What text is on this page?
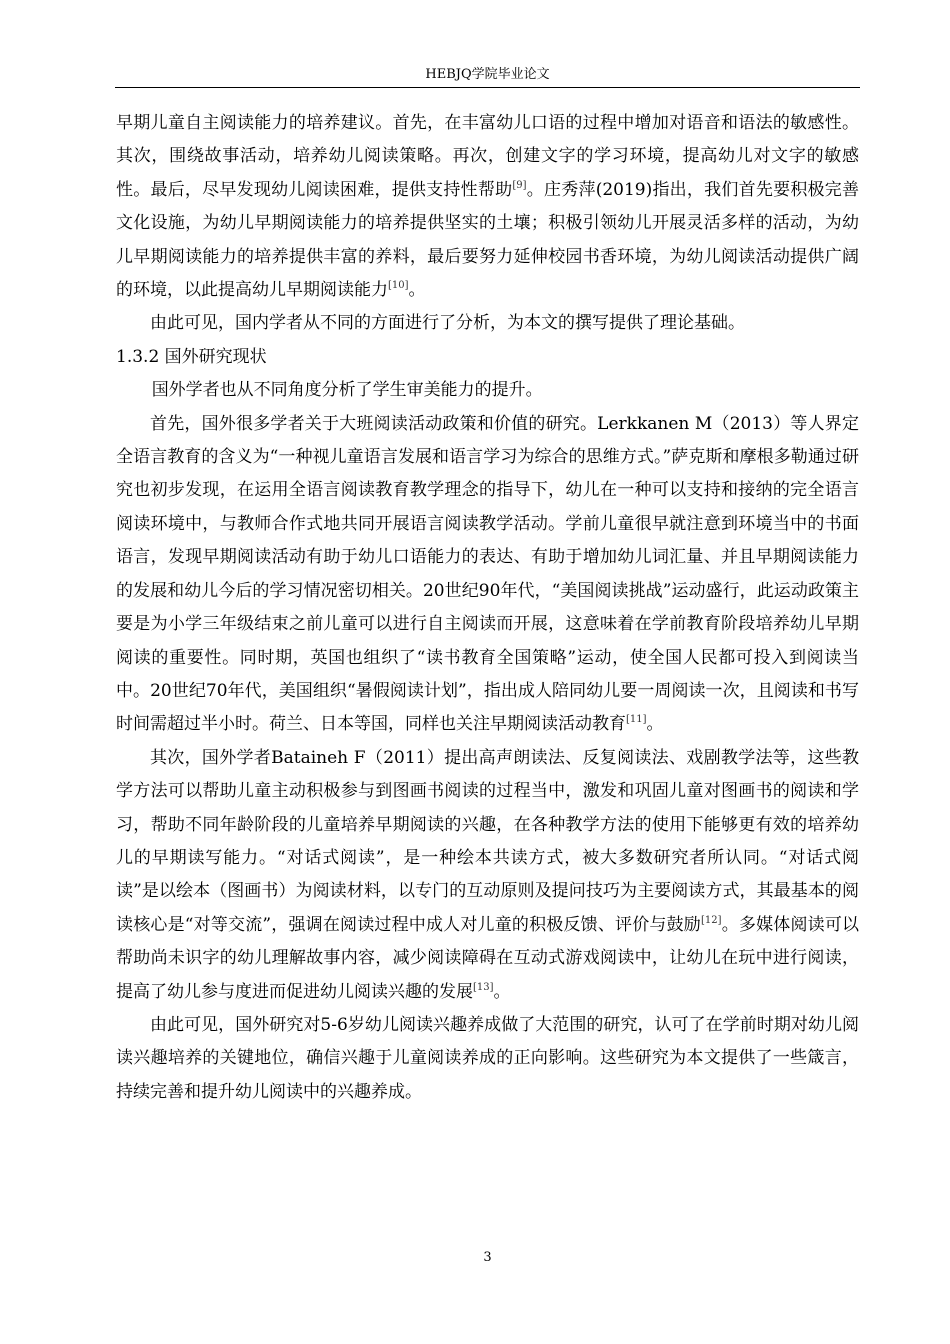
HEBJQ学院毕业论文

早期儿童自主阅读能力的培养建议。首先，在丰富幼儿口语的过程中增加对语音和语法的敏感性。其次，围绕故事活动，培养幼儿阅读策略。再次，创建文字的学习环境，提高幼儿对文字的敏感性。最后，尽早发现幼儿阅读困难，提供支持性帮助[9]。庄秀萍(2019)指出，我们首先要积极完善文化设施，为幼儿早期阅读能力的培养提供坚实的土壤；积极引领幼儿开展灵活多样的活动，为幼儿早期阅读能力的培养提供丰富的养料，最后要努力延伸校园书香环境，为幼儿阅读活动提供广阔的环境，以此提高幼儿早期阅读能力[10]。

由此可见，国内学者从不同的方面进行了分析，为本文的撰写提供了理论基础。

1.3.2 国外研究现状

国外学者也从不同角度分析了学生审美能力的提升。

首先，国外很多学者关于大班阅读活动政策和价值的研究。Lerkkanen M（2013）等人界定全语言教育的含义为“一种视儿童语言发展和语言学习为综合的思维方式。”萨克斯和摩根多勒通过研究也初步发现，在运用全语言阅读教育教学理念的指导下，幼儿在一种可以支持和接纳的完全语言阅读环境中，与教师合作式地共同开展语言阅读教学活动。学前儿童很早就注意到环境当中的书面语言，发现早期阅读活动有助于幼儿口语能力的表达、有助于增加幼儿词汇量、并且早期阅读能力的发展和幼儿今后的学习情况密切相关。20世纪90年代，“美国阅读挑战”运动盛行，此运动政策主要是为小学三年级结束之前儿童可以进行自主阅读而开展，这意味着在学前教育阶段培养幼儿早期阅读的重要性。同时期，英国也组织了“读书教育全国策略”运动，使全国人民都可投入到阅读当中。20世纪70年代，美国组织“暑假阅读计划”，指出成人陪同幼儿要一周阅读一次，且阅读和书写时间需超过半小时。荷兰、日本等国，同样也关注早期阅读活动教育[11]。

其次，国外学者Bataineh F（2011）提出高声朗读法、反复阅读法、戏剧教学法等，这些教学方法可以帮助儿童主动积极参与到图画书阅读的过程当中，激发和巩固儿童对图画书的阅读和学习，帮助不同年龄阶段的儿童培养早期阅读的兴趣，在各种教学方法的使用下能够更有效的培养幼儿的早期读写能力。“对话式阅读”，是一种绘本共读方式，被大多数研究者所认同。“对话式阅读”是以绘本（图画书）为阅读材料，以专门的互动原则及提问技巧为主要阅读方式，其最基本的阅读核心是“对等交流”，强调在阅读过程中成人对儿童的积极反馈、评价与鼓励[12]。多媒体阅读可以帮助尚未识字的幼儿理解故事内容，减少阅读障碍在互动式游戏阅读中，让幼儿在玩中进行阅读，提高了幼儿参与度进而促进幼儿阅读兴趣的发展[13]。

由此可见，国外研究对5-6岁幼儿阅读兴趣养成做了大范围的研究，认可了在学前时期对幼儿阅读兴趣培养的关键地位，确信兴趣于儿童阅读养成的正向影响。这些研究为本文提供了一些箴言，持续完善和提升幼儿阅读中的兴趣养成。

3
